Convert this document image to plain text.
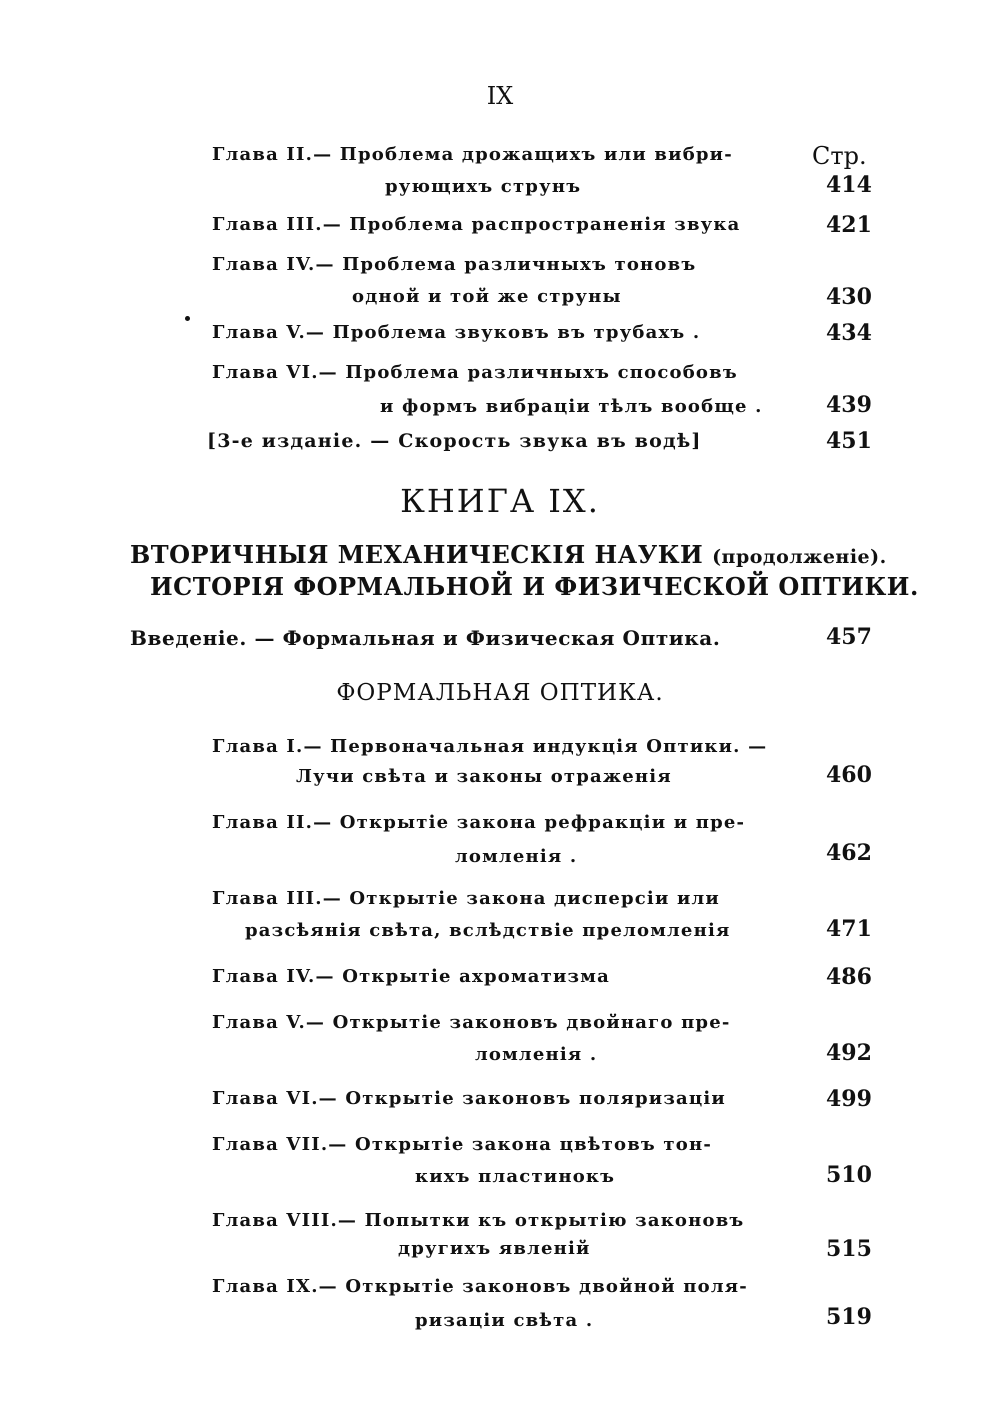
IX
Глава II.— Проблема дрожащихъ или вибри-	Стр.
рующихъ струнъ	414
Глава III.— Проблема распространенія звука	421
Глава IV.— Проблема различныхъ тоновъ
одной и той же струны	430
Глава V.— Проблема звуковъ въ трубахъ .	434
Глава VI.— Проблема различныхъ способовъ
и формъ вибраціи тѣлъ вообще .	439
[3-е изданіе. — Скорость звука въ водѣ]	451
КНИГА IX.
ВТОРИЧНЫЯ МЕХАНИЧЕСКІЯ НАУКИ (продолженіе).
ИСТОРІЯ ФОРМАЛЬНОЙ И ФИЗИЧЕСКОЙ ОПТИКИ.
Введеніе. — Формальная и Физическая Оптика.	457
ФОРМАЛЬНАЯ ОПТИКА.
Глава I.— Первоначальная индукція Оптики. —
Лучи свѣта и законы отраженія	460
Глава II.— Открытіе закона рефракціи и пре-
ломленія .	462
Глава III.— Открытіе закона дисперсіи или
разсѣянія свѣта, вслѣдствіе преломленія	471
Глава IV.— Открытіе ахроматизма	486
Глава V.— Открытіе законовъ двойнаго пре-
ломленія .	492
Глава VI.— Открытіе законовъ поляризаціи	499
Глава VII.— Открытіе закона цвѣтовъ тон-
кихъ пластинокъ	510
Глава VIII.— Попытки къ открытію законовъ
другихъ явленій	515
Глава IX.— Открытіе законовъ двойной поля-
ризаціи свѣта .	519
